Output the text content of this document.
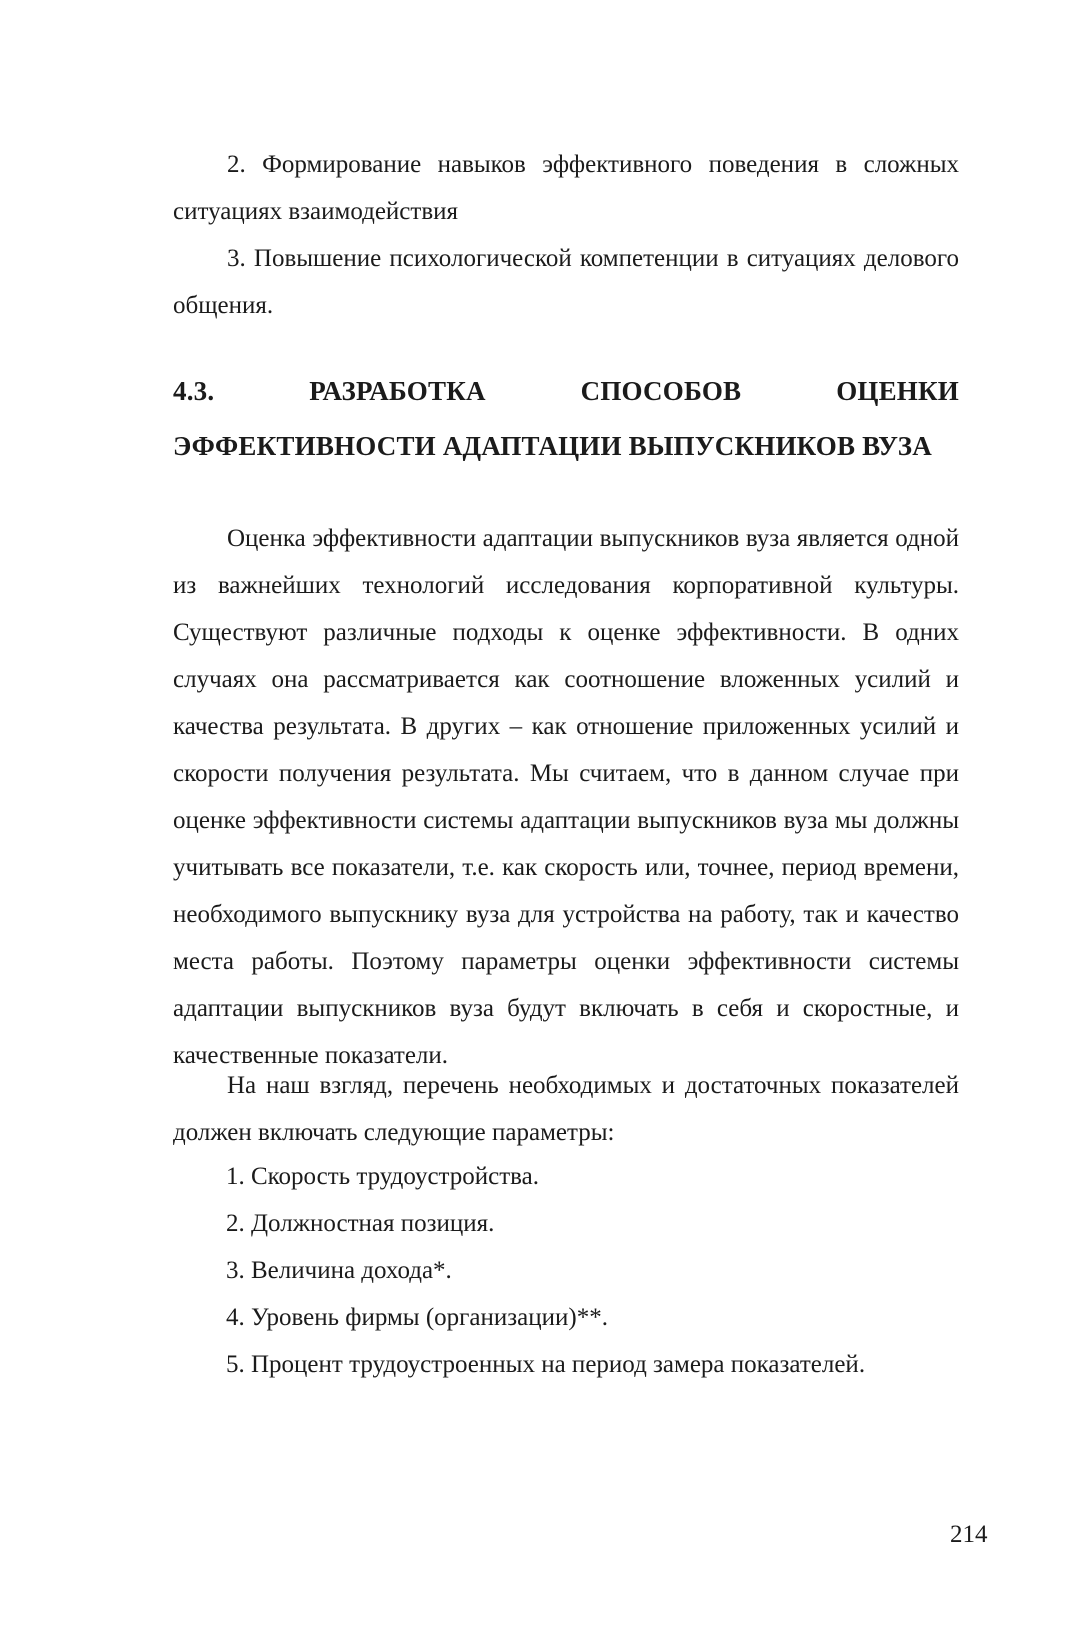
2. Формирование навыков эффективного поведения в сложных ситуациях взаимодействия

3. Повышение психологической компетенции в ситуациях делового общения.

4.3. РАЗРАБОТКА СПОСОБОВ ОЦЕНКИ ЭФФЕКТИВНОСТИ АДАПТАЦИИ ВЫПУСКНИКОВ ВУЗА

Оценка эффективности адаптации выпускников вуза является одной из важнейших технологий исследования корпоративной культуры. Существуют различные подходы к оценке эффективности. В одних случаях она рассматривается как соотношение вложенных усилий и качества результата. В других – как отношение приложенных усилий и скорости получения результата. Мы считаем, что в данном случае при оценке эффективности системы адаптации выпускников вуза мы должны учитывать все показатели, т.е. как скорость или, точнее, период времени, необходимого выпускнику вуза для устройства на работу, так и качество места работы. Поэтому параметры оценки эффективности системы адаптации выпускников вуза будут включать в себя и скоростные, и качественные показатели.

На наш взгляд, перечень необходимых и достаточных показателей должен включать следующие параметры:

1. Скорость трудоустройства.

2. Должностная позиция.

3. Величина дохода*.

4. Уровень фирмы (организации)**.

5. Процент трудоустроенных на период замера показателей.

214
